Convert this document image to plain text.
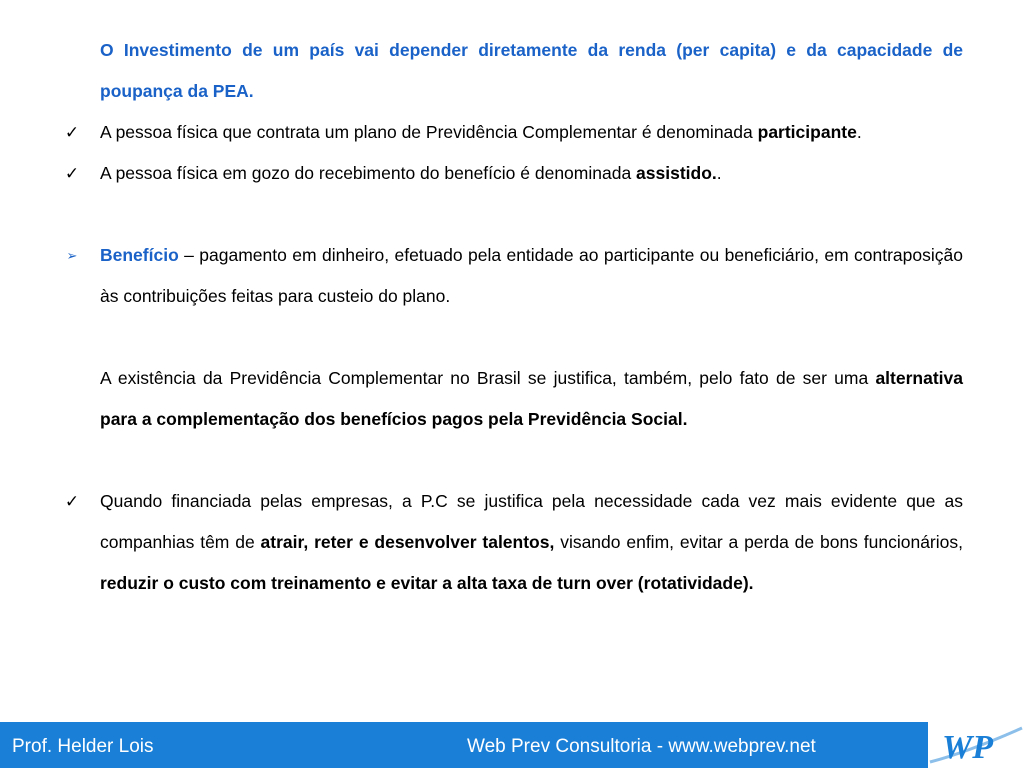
O Investimento de um país vai depender diretamente da renda (per capita) e da capacidade de poupança da PEA.
✓ A pessoa física que contrata um plano de Previdência Complementar é denominada participante.
✓ A pessoa física em gozo do recebimento do benefício é denominada assistido..
➢ Benefício – pagamento em dinheiro, efetuado pela entidade ao participante ou beneficiário, em contraposição às contribuições feitas para custeio do plano.
A existência da Previdência Complementar no Brasil se justifica, também, pelo fato de ser uma alternativa para a complementação dos benefícios pagos pela Previdência Social.
✓ Quando financiada pelas empresas, a P.C se justifica pela necessidade cada vez mais evidente que as companhias têm de atrair, reter e desenvolver talentos, visando enfim, evitar a perda de bons funcionários, reduzir o custo com treinamento e evitar a alta taxa de turn over (rotatividade).
Prof. Helder Lois	Web Prev Consultoria - www.webprev.net	WP
